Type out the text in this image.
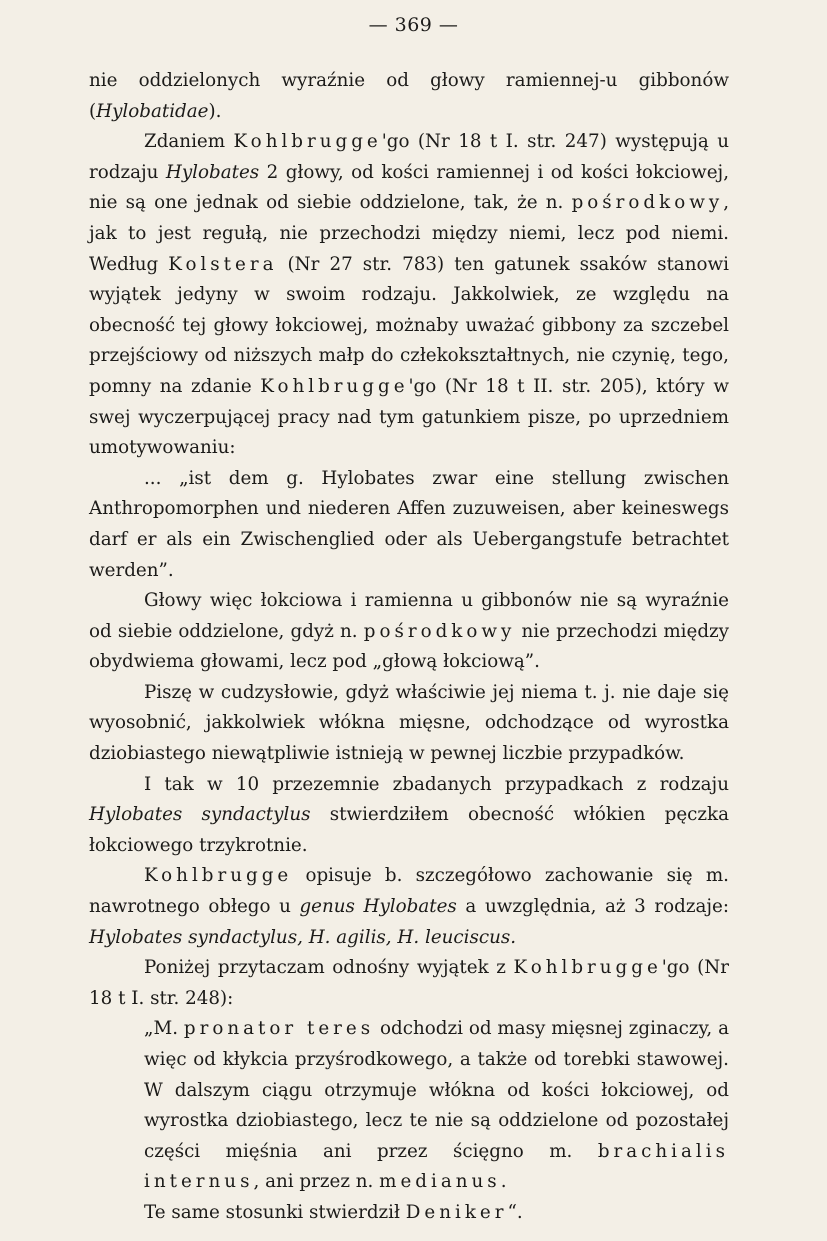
— 369 —

nie oddzielonych wyraźnie od głowy ramiennej-u gibbonów (Hylobatidae).

Zdaniem Kohlbrugge'go (Nr 18 t I. str. 247) występują u rodzaju Hylobates 2 głowy, od kości ramiennej i od kości łokciowej, nie są one jednak od siebie oddzielone, tak, że n. pośrodkowy, jak to jest regułą, nie przechodzi między niemi, lecz pod niemi. Według Kolstera (Nr 27 str. 783) ten gatunek ssaków stanowi wyjątek jedyny w swoim rodzaju. Jakkolwiek, ze względu na obecność tej głowy łokciowej, możnaby uważać gibbony za szczebel przejściowy od niższych małp do człekokształtnych, nie czynię, tego, pomny na zdanie Kohlbrugge'go (Nr 18 t II. str. 205), który w swej wyczerpującej pracy nad tym gatunkiem pisze, po uprzedniem umotywowaniu:

... „ist dem g. Hylobates zwar eine stellung zwischen Anthropomorphen und niederen Affen zuzuweisen, aber keineswegs darf er als ein Zwischenglied oder als Uebergangstufe betrachtet werden”.

Głowy więc łokciowa i ramienna u gibbonów nie są wyraźnie od siebie oddzielone, gdyż n. pośrodkowy nie przechodzi między obydwiema głowami, lecz pod „głową łokciową”.

Piszę w cudzysłowie, gdyż właściwie jej niema t. j. nie daje się wyosobnić, jakkolwiek włókna mięsne, odchodzące od wyrostka dziobiastego niewątpliwie istnieją w pewnej liczbie przypadków.

I tak w 10 przezemnie zbadanych przypadkach z rodzaju Hylobates syndactylus stwierdziłem obecność włókien pęczka łokciowego trzykrotnie.

Kohlbrugge opisuje b. szczegółowo zachowanie się m. nawrotnego obłego u genus Hylobates a uwzględnia, aż 3 rodzaje: Hylobates syndactylus, H. agilis, H. leuciscus.

Poniżej przytaczam odnośny wyjątek z Kohlbrugge'go (Nr 18 t I. str. 248):

„M. pronator teres odchodzi od masy mięsnej zginaczy, a więc od kłykcia przyśrodkowego, a także od torebki stawowej. W dalszym ciągu otrzymuje włókna od kości łokciowej, od wyrostka dziobiastego, lecz te nie są oddzielone od pozostałej części mięśnia ani przez ścięgno m. brachialis internus, ani przez n. medianus.

Te same stosunki stwierdził Deniker“.
